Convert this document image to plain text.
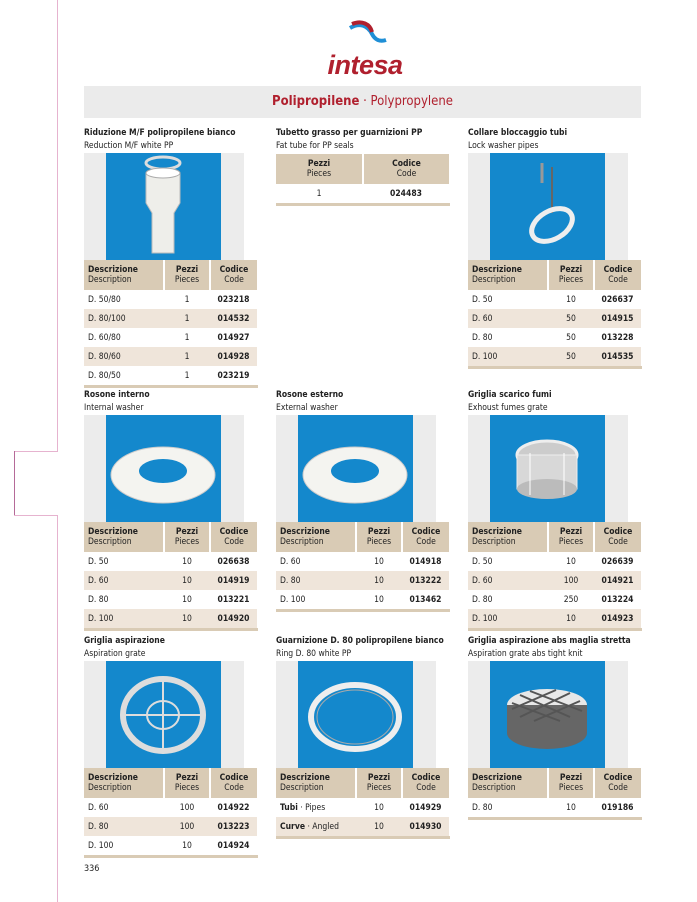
intesa
Polipropilene · Polypropylene
Riduzione M/F polipropilene bianco
Reduction M/F white PP
Descrizione
Description	Pezzi
Pieces	Codice
Code
D. 50/80	1	023218
D. 80/100	1	014532
D. 60/80	1	014927
D. 80/60	1	014928
D. 80/50	1	023219
Tubetto grasso per guarnizioni PP
Fat tube for PP seals
Pezzi
Pieces	Codice
Code
1	024483
Collare bloccaggio tubi
Lock washer pipes
Descrizione
Description	Pezzi
Pieces	Codice
Code
D. 50	10	026637
D. 60	50	014915
D. 80	50	013228
D. 100	50	014535
Rosone interno
Internal washer
Descrizione
Description	Pezzi
Pieces	Codice
Code
D. 50	10	026638
D. 60	10	014919
D. 80	10	013221
D. 100	10	014920
Rosone esterno
External washer
Descrizione
Description	Pezzi
Pieces	Codice
Code
D. 60	10	014918
D. 80	10	013222
D. 100	10	013462
Griglia scarico fumi
Exhoust fumes grate
Descrizione
Description	Pezzi
Pieces	Codice
Code
D. 50	10	026639
D. 60	100	014921
D. 80	250	013224
D. 100	10	014923
Griglia aspirazione
Aspiration grate
Descrizione
Description	Pezzi
Pieces	Codice
Code
D. 60	100	014922
D. 80	100	013223
D. 100	10	014924
Guarnizione D. 80 polipropilene bianco
Ring D. 80 white PP
Descrizione
Description	Pezzi
Pieces	Codice
Code
Tubi · Pipes	10	014929
Curve · Angled	10	014930
Griglia aspirazione abs maglia stretta
Aspiration grate abs tight knit
Descrizione
Description	Pezzi
Pieces	Codice
Code
D. 80	10	019186
336
